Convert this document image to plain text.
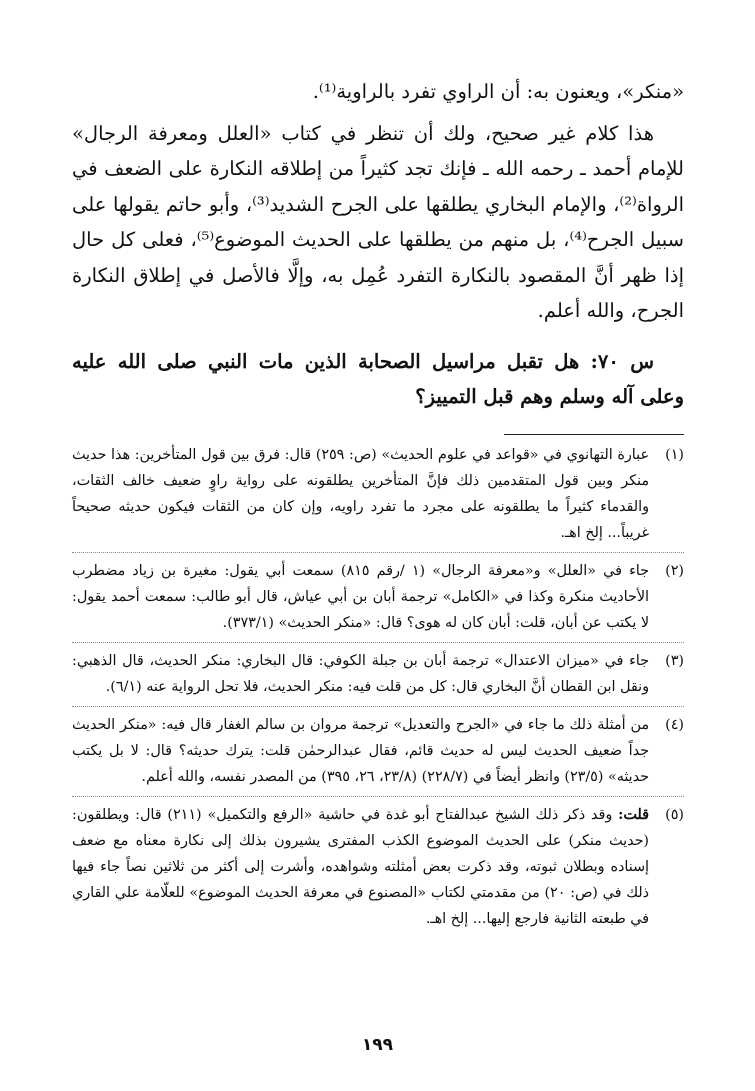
«منكر»، ويعنون به: أن الراوي تفرد بالراوية⁽¹⁾.

هذا كلام غير صحيح، ولك أن تنظر في كتاب «العلل ومعرفة الرجال» للإمام أحمد ـ رحمه الله ـ فإنك تجد كثيراً من إطلاقه النكارة على الضعف في الرواة⁽²⁾، والإمام البخاري يطلقها على الجرح الشديد⁽³⁾، وأبو حاتم يقولها على سبيل الجرح⁽⁴⁾، بل منهم من يطلقها على الحديث الموضوع⁽⁵⁾، فعلى كل حال إذا ظهر أنَّ المقصود بالنكارة التفرد عُمِل به، وإلَّا فالأصل في إطلاق النكارة الجرح، والله أعلم.

س ٧٠: هل تقبل مراسيل الصحابة الذين مات النبي صلى الله عليه وعلى آله وسلم وهم قبل التمييز؟
(١)
عبارة التهانوي في «قواعد في علوم الحديث» (ص: ٢٥٩) قال: فرق بين قول المتأخرين: هذا حديث منكر وبين قول المتقدمين ذلك فإنَّ المتأخرين يطلقونه على رواية راوٍ ضعيف خالف الثقات، والقدماء كثيراً ما يطلقونه على مجرد ما تفرد راويه، وإن كان من الثقات فيكون حديثه صحيحاً غريباً... إلخ اهـ.
(٢)
جاء في «العلل» و«معرفة الرجال» (١ /رقم ٨١٥) سمعت أبي يقول: مغيرة بن زياد مضطرب الأحاديث منكرة وكذا في «الكامل» ترجمة أبان بن أبي عياش، قال أبو طالب: سمعت أحمد يقول: لا يكتب عن أبان، قلت: أبان كان له هوى؟ قال: «منكر الحديث» (٣٧٣/١).
(٣)
جاء في «ميزان الاعتدال» ترجمة أبان بن جبلة الكوفي: قال البخاري: منكر الحديث، قال الذهبي: ونقل ابن القطان أنَّ البخاري قال: كل من قلت فيه: منكر الحديث، فلا تحل الرواية عنه (٦/١).
(٤)
من أمثلة ذلك ما جاء في «الجرح والتعديل» ترجمة مروان بن سالم الغفار قال فيه: «منكر الحديث جداً ضعيف الحديث ليس له حديث قائم، فقال عبدالرحمٰن قلت: يترك حديثه؟ قال: لا بل يكتب حديثه» (٢٣/٥) وانظر أيضاً في (٢٢٨/٧) (٢٣/٨، ٢٦، ٣٩٥) من المصدر نفسه، والله أعلم.
(٥)
قلت: وقد ذكر ذلك الشيخ عبدالفتاح أبو غدة في حاشية «الرفع والتكميل» (٢١١) قال: ويطلقون: (حديث منكر) على الحديث الموضوع الكذب المفترى يشيرون بذلك إلى نكارة معناه مع ضعف إسناده وبطلان ثبوته، وقد ذكرت بعض أمثلته وشواهده، وأشرت إلى أكثر من ثلاثين نصاً جاء فيها ذلك في (ص: ٢٠) من مقدمتي لكتاب «المصنوع في معرفة الحديث الموضوع» للعلّامة علي القاري في طبعته الثانية فارجع إليها... إلخ اهـ.
١٩٩
